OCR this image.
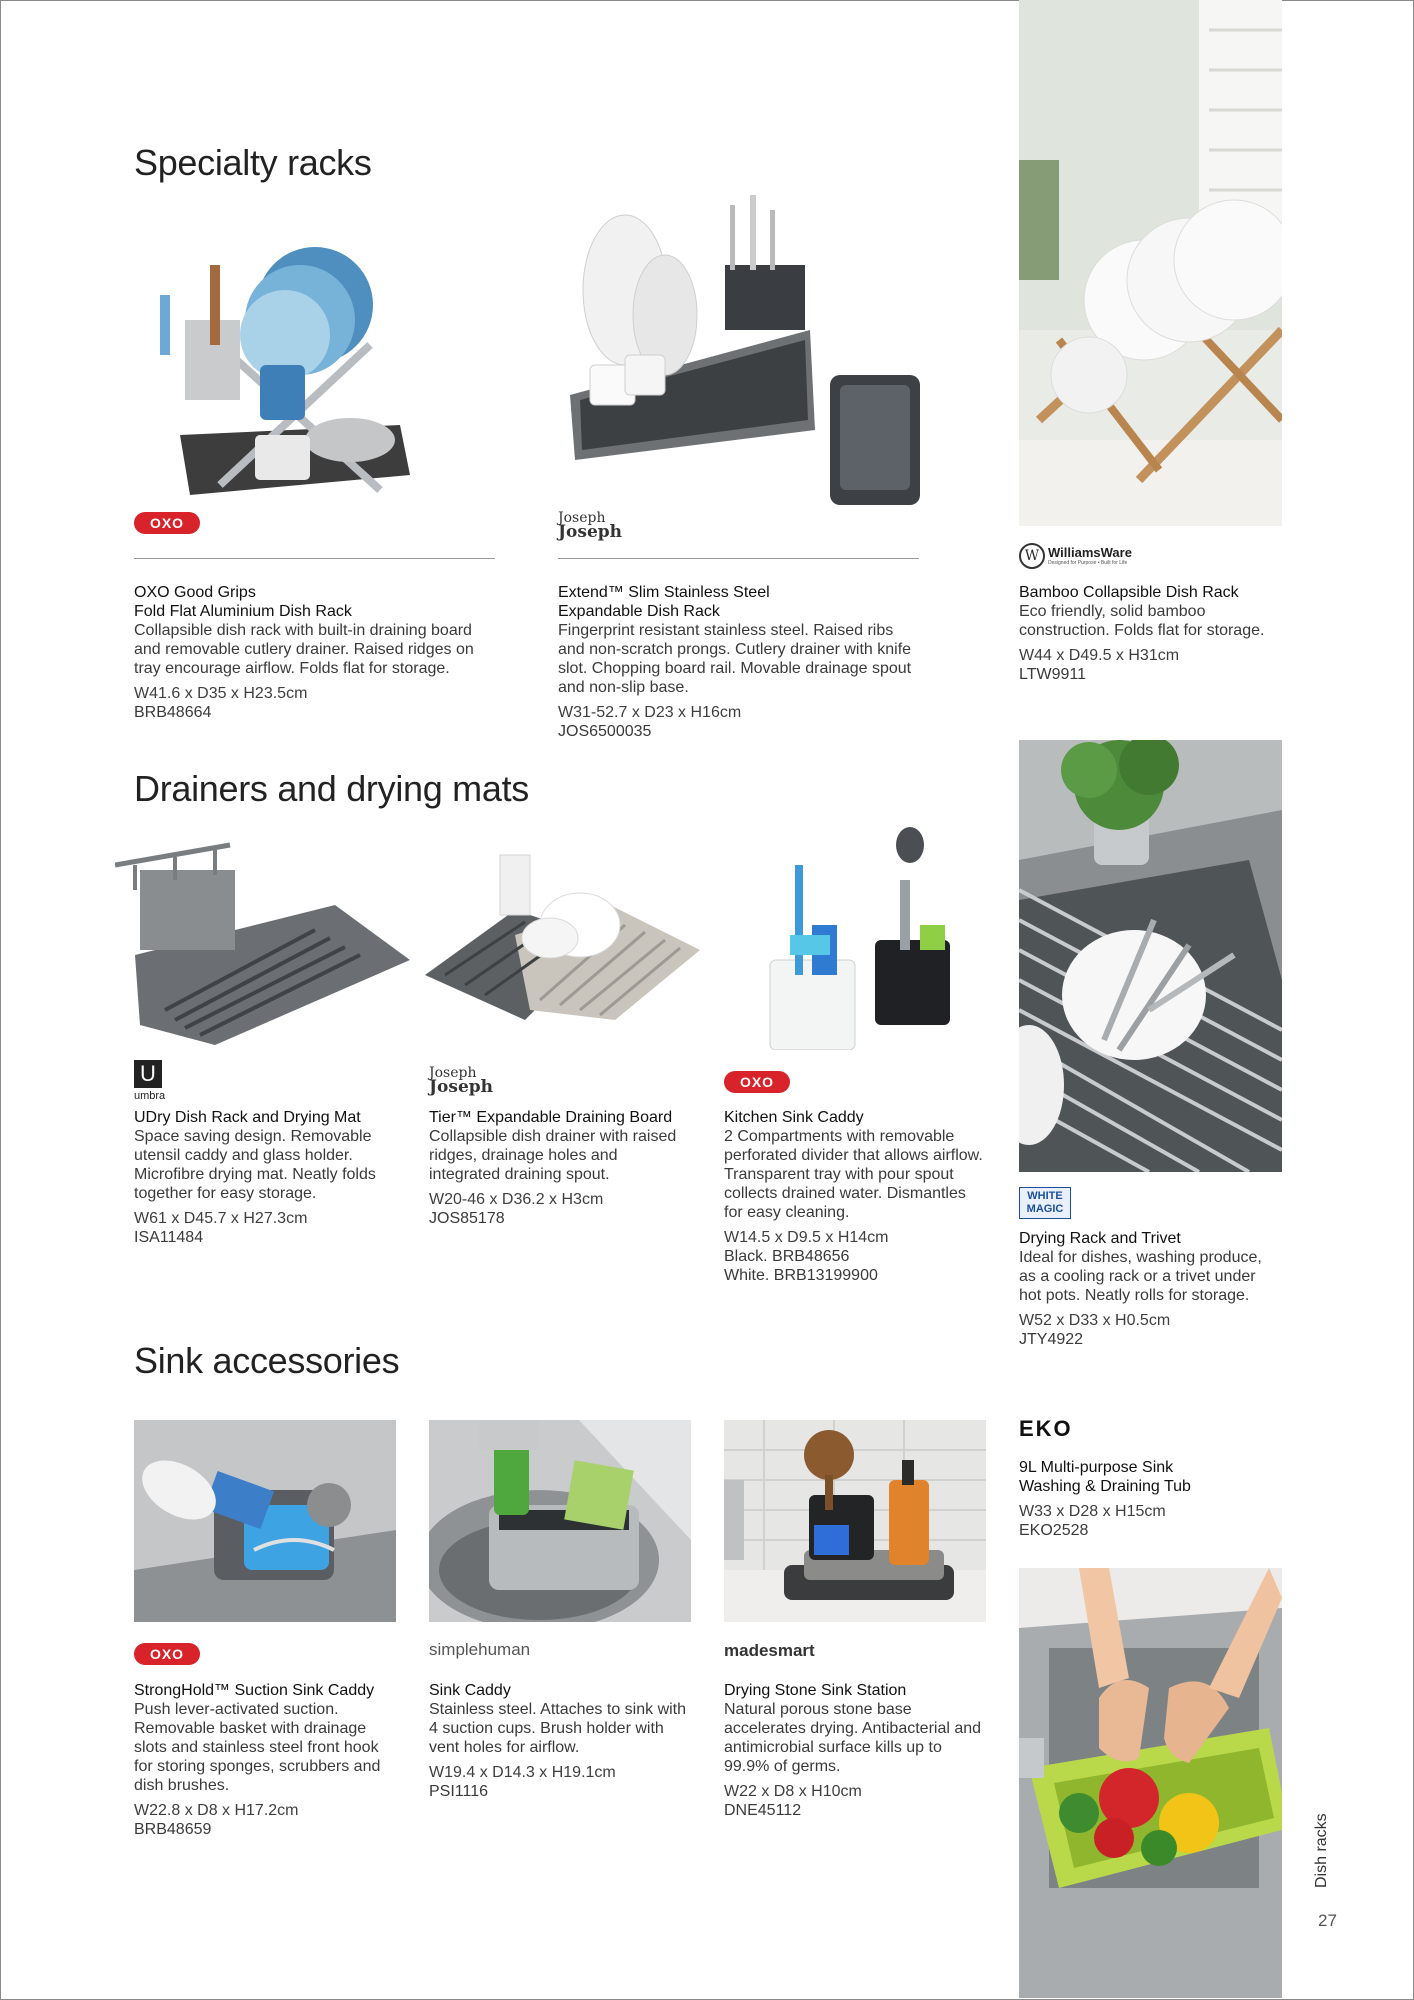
Specialty racks
Drainers and drying mats
Sink accessories
OXO
OXO Good Grips
Fold Flat Aluminium Dish Rack
Collapsible dish rack with built-in draining board and removable cutlery drainer. Raised ridges on tray encourage airflow. Folds flat for storage.
W41.6 x D35 x H23.5cm
BRB48664
Joseph
Joseph
Extend™ Slim Stainless Steel
Expandable Dish Rack
Fingerprint resistant stainless steel. Raised ribs and non-scratch prongs. Cutlery drainer with knife slot. Chopping board rail. Movable drainage spout and non-slip base.
W31-52.7 x D23 x H16cm
JOS6500035
W WilliamsWare
Designed for Purpose • Built for Life
Bamboo Collapsible Dish Rack
Eco friendly, solid bamboo construction. Folds flat for storage.
W44 x D49.5 x H31cm
LTW9911
U
umbra
UDry Dish Rack and Drying Mat
Space saving design. Removable utensil caddy and glass holder. Microfibre drying mat. Neatly folds together for easy storage.
W61 x D45.7 x H27.3cm
ISA11484
Joseph
Joseph
Tier™ Expandable Draining Board
Collapsible dish drainer with raised ridges, drainage holes and integrated draining spout.
W20-46 x D36.2 x H3cm
JOS85178
OXO
Kitchen Sink Caddy
2 Compartments with removable perforated divider that allows airflow. Transparent tray with pour spout collects drained water. Dismantles for easy cleaning.
W14.5 x D9.5 x H14cm
Black. BRB48656
White. BRB13199900
WHITE
MAGIC
Drying Rack and Trivet
Ideal for dishes, washing produce, as a cooling rack or a trivet under hot pots. Neatly rolls for storage.
W52 x D33 x H0.5cm
JTY4922
OXO
StrongHold™ Suction Sink Caddy
Push lever-activated suction. Removable basket with drainage slots and stainless steel front hook for storing sponges, scrubbers and dish brushes.
W22.8 x D8 x H17.2cm
BRB48659
simplehuman
Sink Caddy
Stainless steel. Attaches to sink with 4 suction cups. Brush holder with vent holes for airflow.
W19.4 x D14.3 x H19.1cm
PSI1116
madesmart
Drying Stone Sink Station
Natural porous stone base accelerates drying. Antibacterial and antimicrobial surface kills up to 99.9% of germs.
W22 x D8 x H10cm
DNE45112
EKO
9L Multi-purpose Sink
Washing & Draining Tub
W33 x D28 x H15cm
EKO2528
Dish racks
27
